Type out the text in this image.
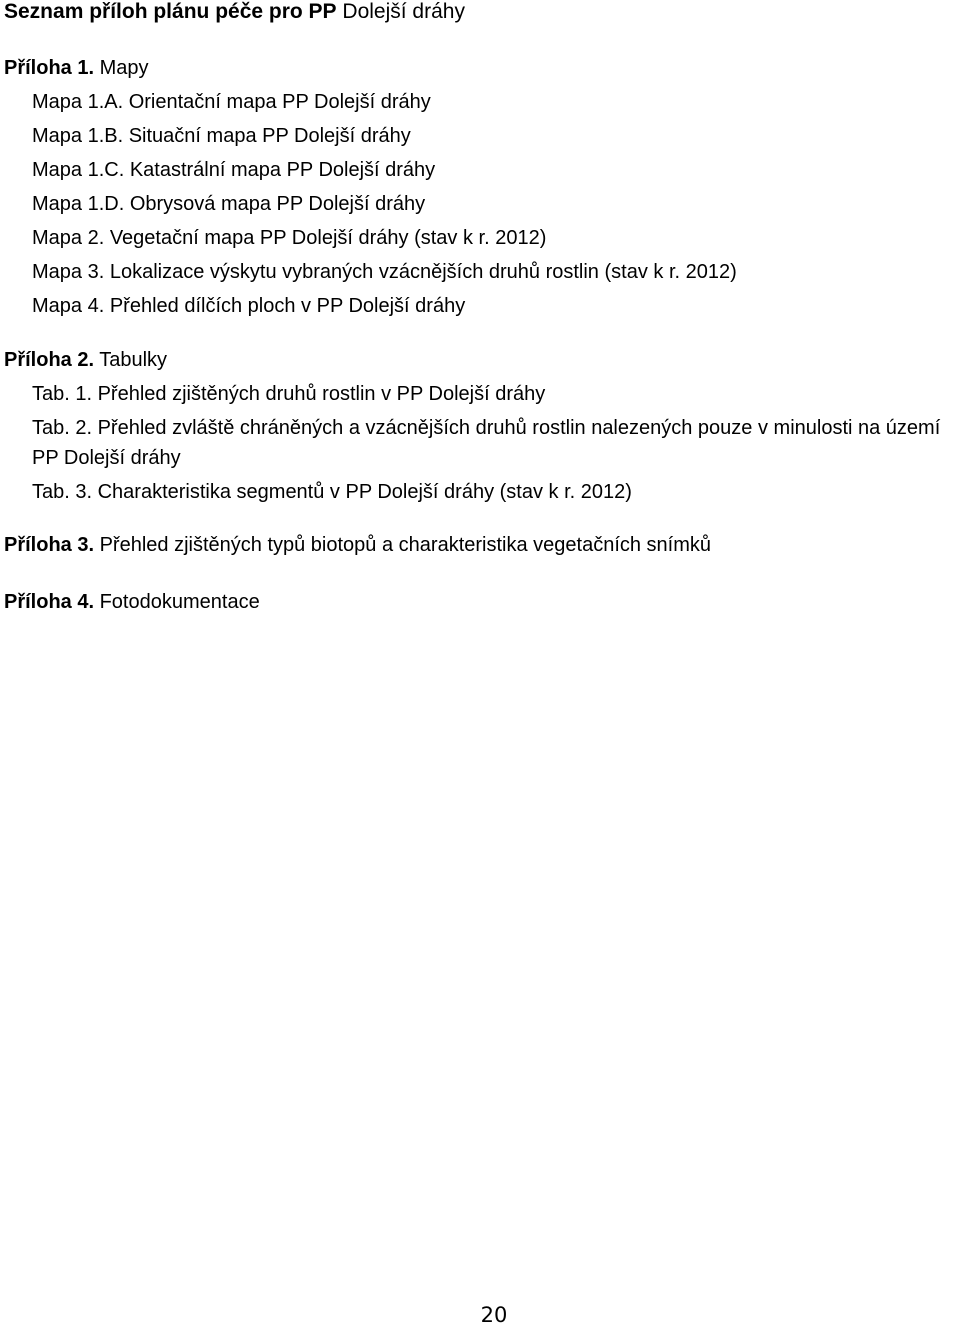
Seznam příloh plánu péče pro PP Dolejší dráhy
Příloha 1. Mapy
Mapa 1.A. Orientační mapa PP Dolejší dráhy
Mapa 1.B. Situační mapa PP Dolejší dráhy
Mapa 1.C. Katastrální mapa PP Dolejší dráhy
Mapa 1.D. Obrysová mapa PP Dolejší dráhy
Mapa 2. Vegetační mapa PP Dolejší dráhy (stav k r. 2012)
Mapa 3. Lokalizace výskytu vybraných vzácnějších druhů rostlin (stav k r. 2012)
Mapa 4. Přehled dílčích ploch v PP Dolejší dráhy
Příloha 2. Tabulky
Tab. 1. Přehled zjištěných druhů rostlin v PP Dolejší dráhy
Tab. 2. Přehled zvláště chráněných a vzácnějších druhů rostlin nalezených pouze v minulosti na území PP Dolejší dráhy
Tab. 3. Charakteristika segmentů v PP Dolejší dráhy (stav k r. 2012)
Příloha 3. Přehled zjištěných typů biotopů a charakteristika vegetačních snímků
Příloha 4. Fotodokumentace
20
